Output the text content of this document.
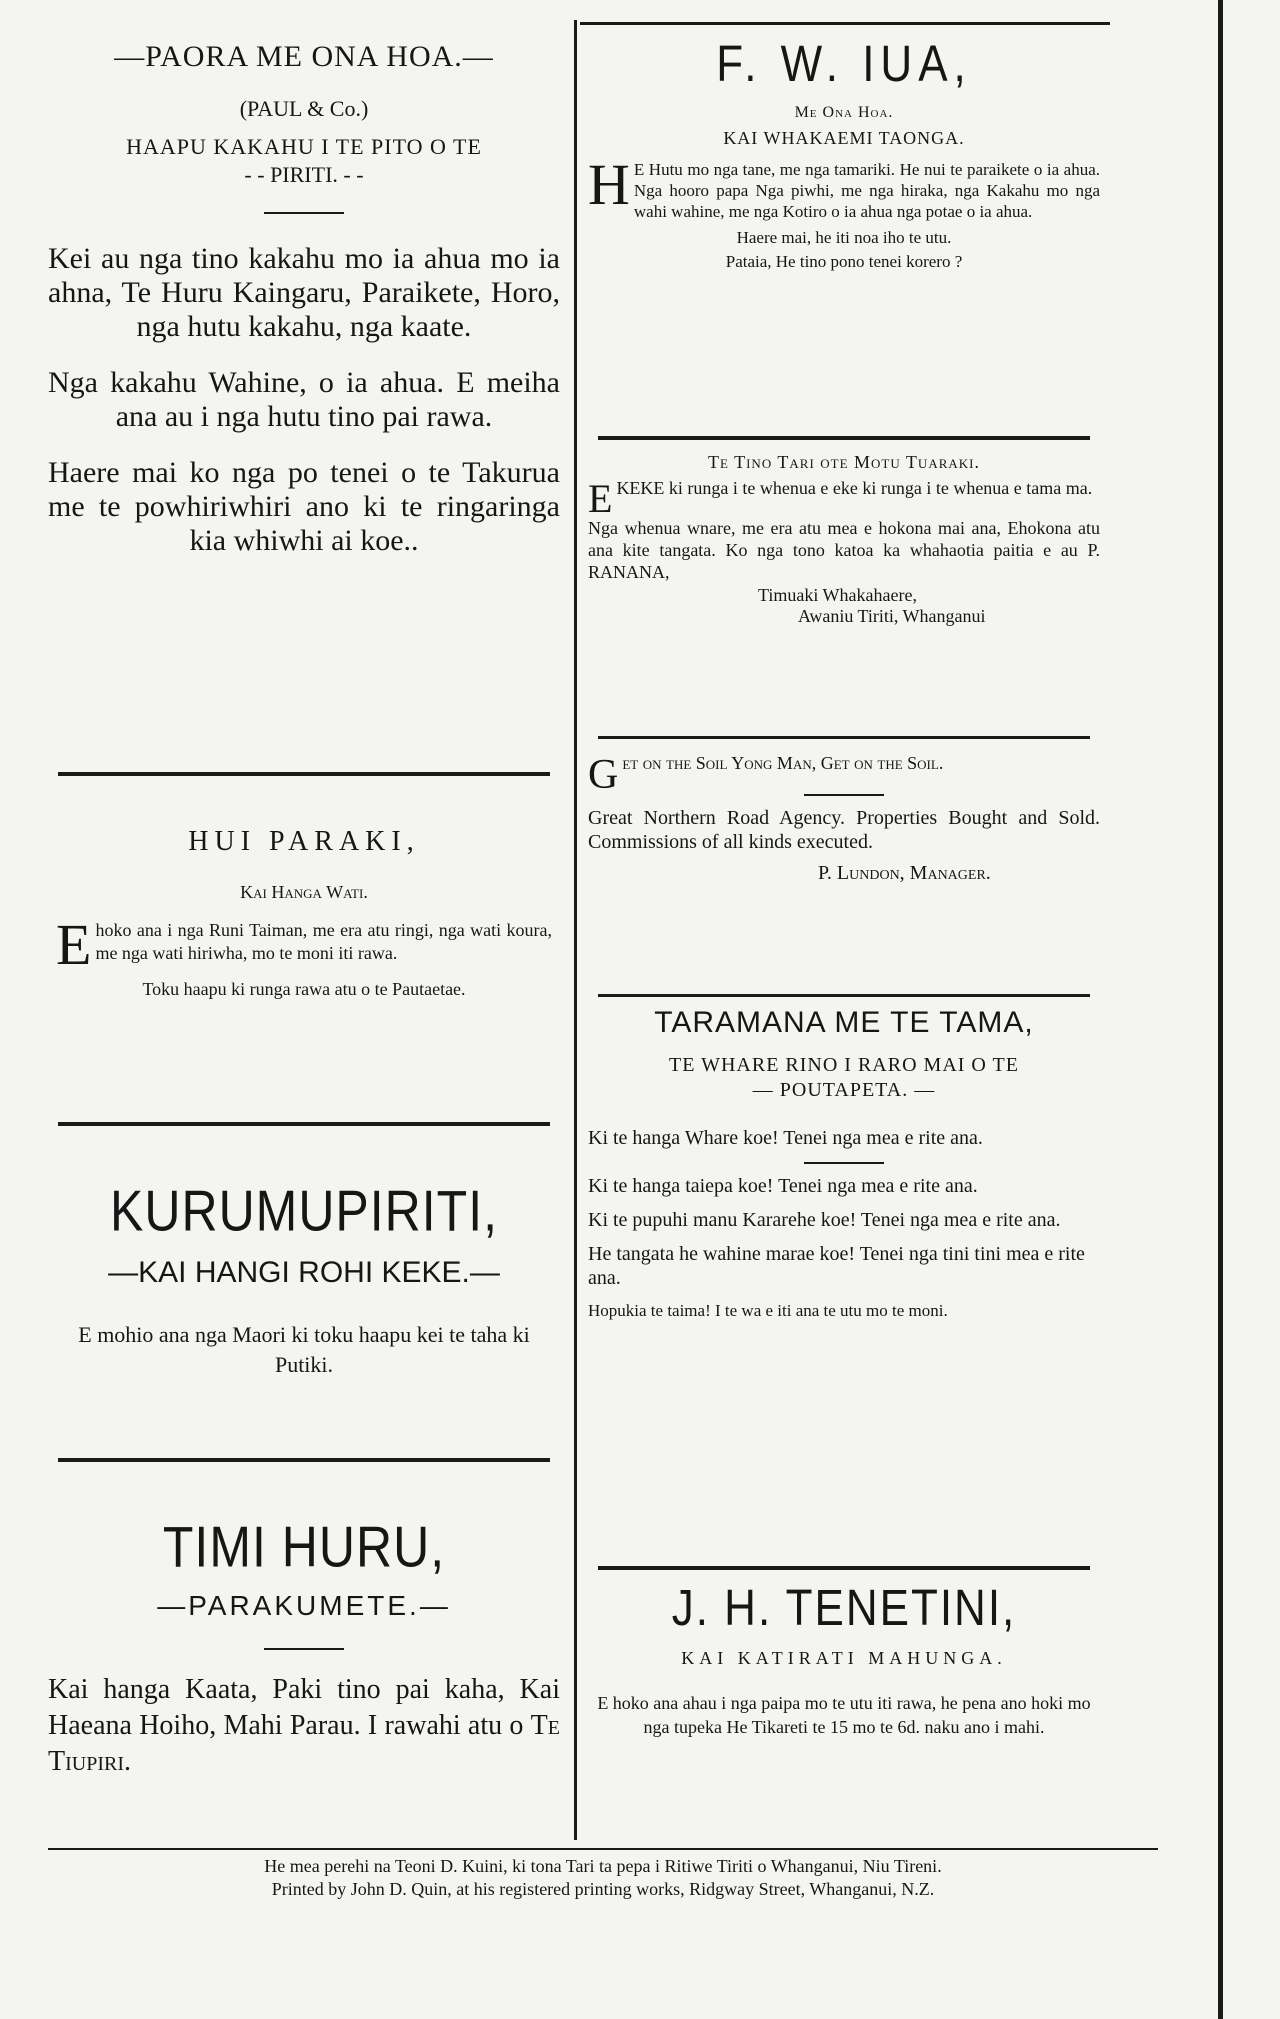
—PAORA ME ONA HOA.—
(PAUL & Co.)
HAAPU KAKAHU I TE PITO O TE
- - PIRITI. - -

Kei au nga tino kakahu mo ia ahua mo ia ahna, Te Huru Kaingaru, Paraikete, Horo, nga hutu kakahu, nga kaate.

Nga kakahu Wahine, o ia ahua. E meiha ana au i nga hutu tino pai rawa.

Haere mai ko nga po tenei o te Takurua me te powhiriwhiri ano ki te ringaringa kia whiwhi ai koe..

HUI PARAKI,
Kai Hanga Wati.
E hoko ana i nga Runi Taiman, me era atu ringi, nga wati koura, me nga wati hiriwha, mo te moni iti rawa.
Toku haapu ki runga rawa atu o te Pautaetae.
KURUMUPIRITI,
—KAI HANGI ROHI KEKE.—

E mohio ana nga Maori ki toku haapu kei te taha ki Putiki.

TIMI HURU,
—PARAKUMETE.—

Kai hanga Kaata, Paki tino pai kaha, Kai Haeana Hoiho, Mahi Parau. I rawahi atu o Te Tiupiri.

F. W. IUA,
Me Ona Hoa.
KAI WHAKAEMI TAONGA.
H E Hutu mo nga tane, me nga tamariki. He nui te paraikete o ia ahua. Nga hooro papa Nga piwhi, me nga hiraka, nga Kakahu mo nga wahi wahine, me nga Kotiro o ia ahua nga potae o ia ahua.
Haere mai, he iti noa iho te utu.
Pataia, He tino pono tenei korero ?
Te Tino Tari ote Motu Tuaraki.
E KEKE ki runga i te whenua e eke ki runga i te whenua e tama ma.

Nga whenua wnare, me era atu mea e hokona mai ana, Ehokona atu ana kite tangata. Ko nga tono katoa ka whahaotia paitia e au P. RANANA,

Timuaki Whakahaere,
Awaniu Tiriti, Whanganui
G et on the Soil Yong Man, Get on the Soil.

Great Northern Road Agency. Properties Bought and Sold. Commissions of all kinds executed.

P. Lundon, Manager.
TARAMANA ME TE TAMA,
TE WHARE RINO I RARO MAI O TE
— POUTAPETA. —

Ki te hanga Whare koe! Tenei nga mea e rite ana.

Ki te hanga taiepa koe! Tenei nga mea e rite ana.

Ki te pupuhi manu Kararehe koe! Tenei nga mea e rite ana.

He tangata he wahine marae koe! Tenei nga tini tini mea e rite ana.

Hopukia te taima! I te wa e iti ana te utu mo te moni.

J. H. TENETINI,
KAI KATIRATI MAHUNGA.

E hoko ana ahau i nga paipa mo te utu iti rawa, he pena ano hoki mo nga tupeka He Tikareti te 15 mo te 6d. naku ano i mahi.

He mea perehi na Teoni D. Kuini, ki tona Tari ta pepa i Ritiwe Tiriti o Whanganui, Niu Tireni.
Printed by John D. Quin, at his registered printing works, Ridgway Street, Whanganui, N.Z.
